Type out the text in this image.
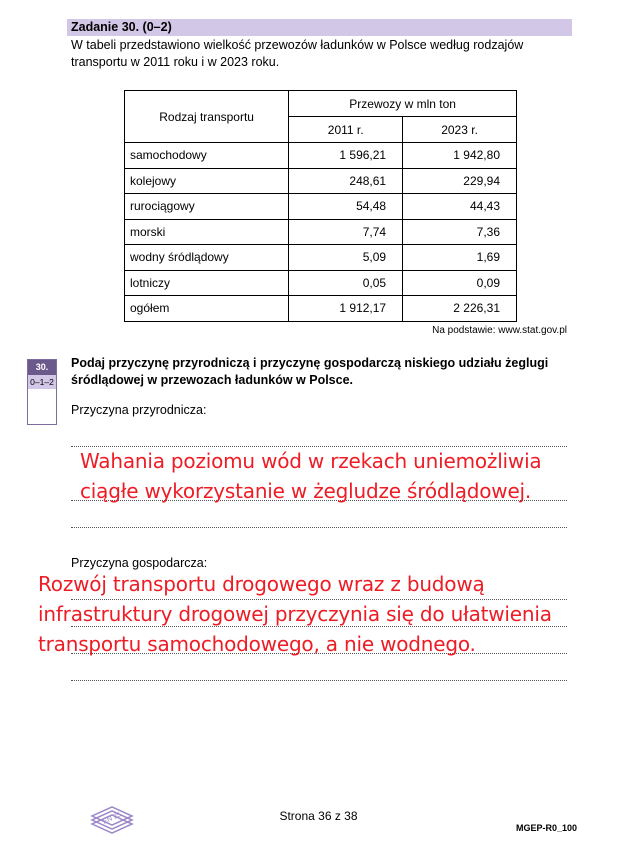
Zadanie 30. (0–2)
W tabeli przedstawiono wielkość przewozów ładunków w Polsce według rodzajów transportu w 2011 roku i w 2023 roku.
Rodzaj transportu	Przewozy w mln ton	
	2011 r.	2023 r.
samochodowy	1 596,21	1 942,80
kolejowy	248,61	229,94
rurociągowy	54,48	44,43
morski	7,74	7,36
wodny śródlądowy	5,09	1,69
lotniczy	0,05	0,09
ogółem	1 912,17	2 226,31
Na podstawie: www.stat.gov.pl
30.
0–1–2
Podaj przyczynę przyrodniczą i przyczynę gospodarczą niskiego udziału żeglugi śródlądowej w przewozach ładunków w Polsce.
Przyczyna przyrodnicza:
Wahania poziomu wód w rzekach uniemożliwia
ciągłe wykorzystanie w żegludze śródlądowej.
Przyczyna gospodarcza:
Rozwój transportu drogowego wraz z budową
infrastruktury drogowej przyczynia się do ułatwienia
transportu samochodowego, a nie wodnego.
EN 25	Strona 36 z 38
MGEP-R0_100
